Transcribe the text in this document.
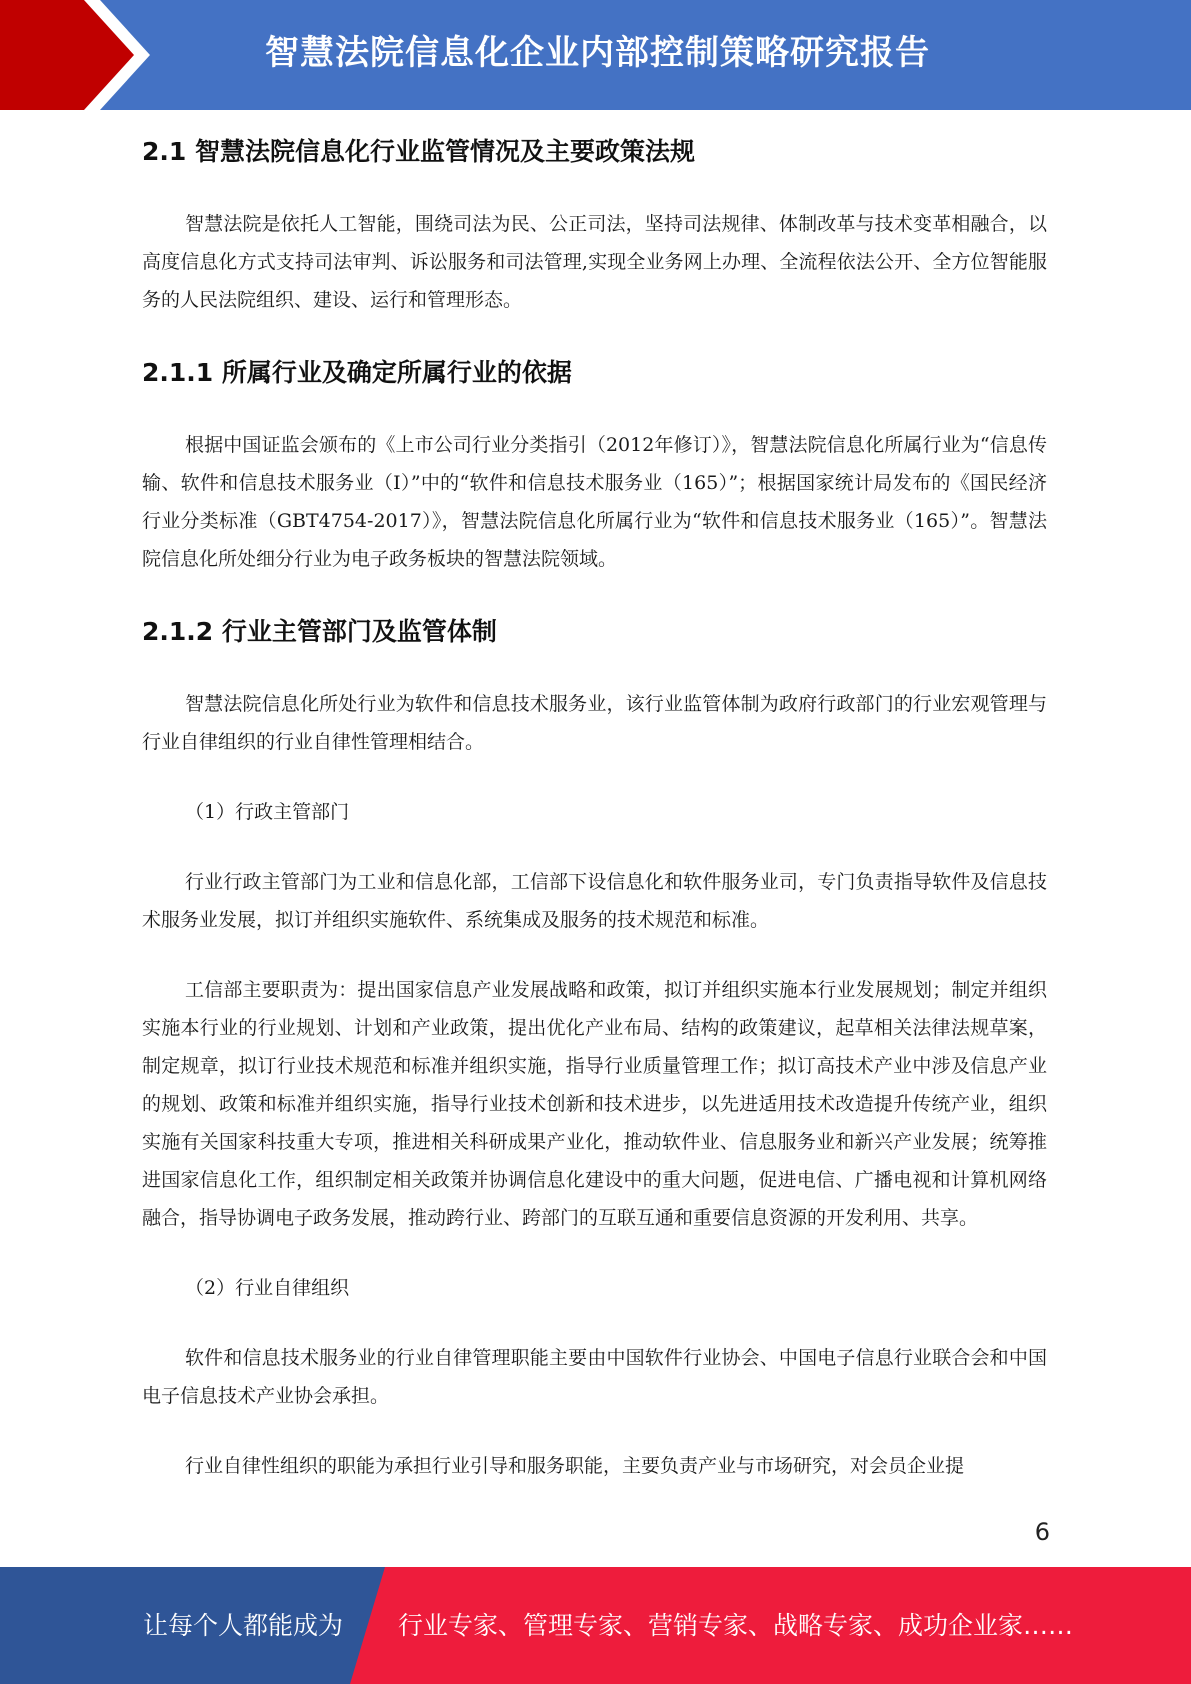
智慧法院信息化企业内部控制策略研究报告
2.1 智慧法院信息化行业监管情况及主要政策法规

智慧法院是依托人工智能，围绕司法为民、公正司法，坚持司法规律、体制改革与技术变革相融合，以高度信息化方式支持司法审判、诉讼服务和司法管理,实现全业务网上办理、全流程依法公开、全方位智能服务的人民法院组织、建设、运行和管理形态。

2.1.1 所属行业及确定所属行业的依据

根据中国证监会颁布的《上市公司行业分类指引（2012年修订）》，智慧法院信息化所属行业为“信息传输、软件和信息技术服务业（I）”中的“软件和信息技术服务业（165）”；根据国家统计局发布的《国民经济行业分类标准（GBT4754-2017）》，智慧法院信息化所属行业为“软件和信息技术服务业（165）”。智慧法院信息化所处细分行业为电子政务板块的智慧法院领域。

2.1.2 行业主管部门及监管体制

智慧法院信息化所处行业为软件和信息技术服务业，该行业监管体制为政府行政部门的行业宏观管理与行业自律组织的行业自律性管理相结合。

（1）行政主管部门

行业行政主管部门为工业和信息化部，工信部下设信息化和软件服务业司，专门负责指导软件及信息技术服务业发展，拟订并组织实施软件、系统集成及服务的技术规范和标准。

工信部主要职责为：提出国家信息产业发展战略和政策，拟订并组织实施本行业发展规划；制定并组织实施本行业的行业规划、计划和产业政策，提出优化产业布局、结构的政策建议，起草相关法律法规草案，制定规章，拟订行业技术规范和标准并组织实施，指导行业质量管理工作；拟订高技术产业中涉及信息产业的规划、政策和标准并组织实施，指导行业技术创新和技术进步，以先进适用技术改造提升传统产业，组织实施有关国家科技重大专项，推进相关科研成果产业化，推动软件业、信息服务业和新兴产业发展；统筹推进国家信息化工作，组织制定相关政策并协调信息化建设中的重大问题，促进电信、广播电视和计算机网络融合，指导协调电子政务发展，推动跨行业、跨部门的互联互通和重要信息资源的开发利用、共享。

（2）行业自律组织

软件和信息技术服务业的行业自律管理职能主要由中国软件行业协会、中国电子信息行业联合会和中国电子信息技术产业协会承担。

行业自律性组织的职能为承担行业引导和服务职能，主要负责产业与市场研究，对会员企业提

6
让每个人都能成为 行业专家、管理专家、营销专家、战略专家、成功企业家……
